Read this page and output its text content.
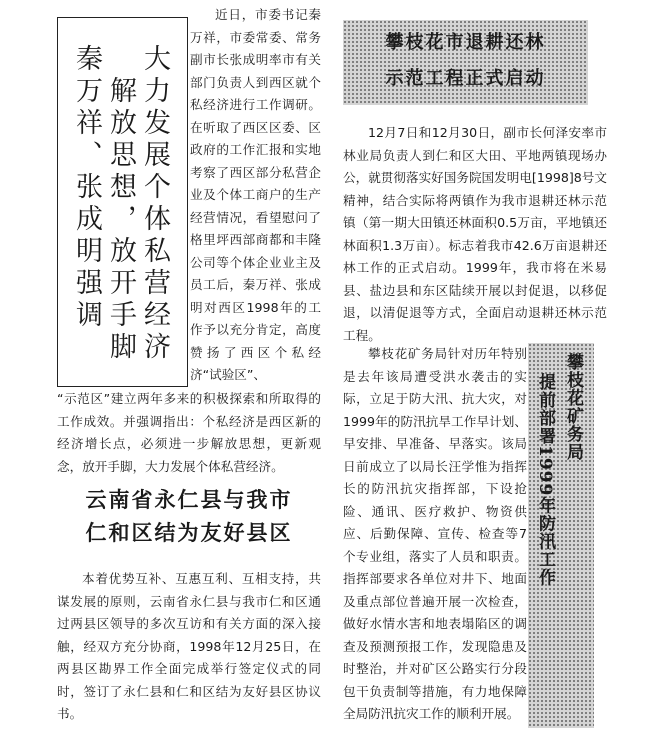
大力发展个体私营经济
解放思想，放开手脚
秦万祥、张成明强调
近日，市委书记秦万祥，市委常委、常务副市长张成明率市有关部门负责人到西区就个私经济进行工作调研。在听取了西区区委、区政府的工作汇报和实地考察了西区部分私营企业及个体工商户的生产经营情况，看望慰问了格里坪西部商都和丰隆公司等个体企业业主及员工后，秦万祥、张成明对西区1998年的工作予以充分肯定，高度赞扬了西区个私经济“试验区”、
“示范区”建立两年多来的积极探索和所取得的工作成效。并强调指出：个私经济是西区新的经济增长点，必须进一步解放思想，更新观念，放开手脚，大力发展个体私营经济。
云南省永仁县与我市
仁和区结为友好县区
本着优势互补、互惠互利、互相支持，共谋发展的原则，云南省永仁县与我市仁和区通过两县区领导的多次互访和有关方面的深入接触，经双方充分协商，1998年12月25日，在两县区勘界工作全面完成举行签定仪式的同时，签订了永仁县和仁和区结为友好县区协议书。
攀枝花市退耕还林
示范工程正式启动
12月7日和12月30日，副市长何泽安率市林业局负责人到仁和区大田、平地两镇现场办公，就贯彻落实好国务院国发明电[1998]8号文精神，结合实际将两镇作为我市退耕还林示范镇（第一期大田镇还林面积0.5万亩，平地镇还林面积1.3万亩）。标志着我市42.6万亩退耕还林工作的正式启动。1999年，我市将在米易县、盐边县和东区陆续开展以封促退，以移促退，以清促退等方式，全面启动退耕还林示范工程。
攀枝花矿务局针对历年特别是去年该局遭受洪水袭击的实际，立足于防大汛、抗大灾，对1999年的防汛抗旱工作早计划、早安排、早准备、早落实。该局日前成立了以局长汪学惟为指挥长的防汛抗灾指挥部，下设抢险、通讯、医疗救护、物资供应、后勤保障、宣传、检查等7个专业组，落实了人员和职责。指挥部要求各单位对井下、地面及重点部位普遍开展一次检查，做好水情水害和地表塌陷区的调查及预测预报工作，发现隐患及时整治，并对矿区公路实行分段包干负责制等措施，有力地保障全局防汛抗灾工作的顺利开展。
攀枝花矿务局
提前部署1999年防汛工作
